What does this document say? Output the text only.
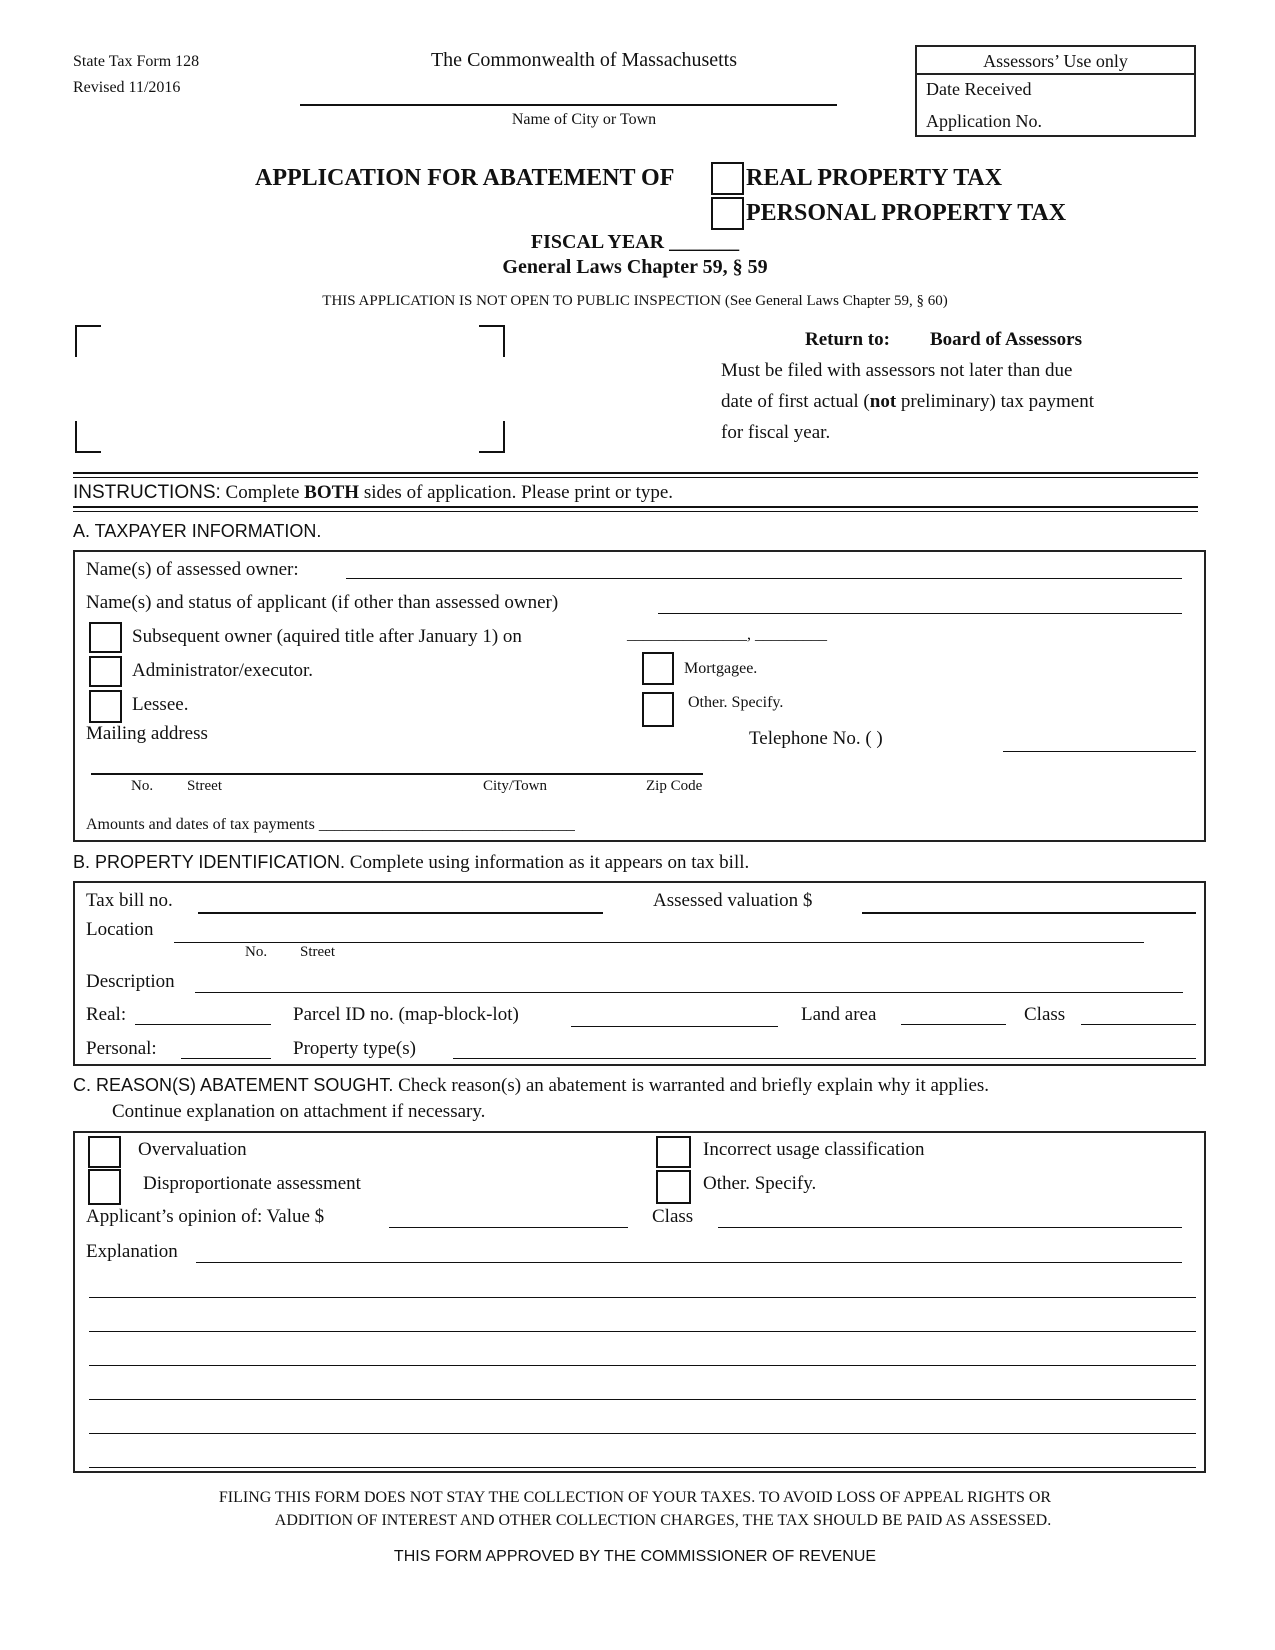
State Tax Form 128
Revised 11/2016
The Commonwealth of Massachusetts
Name of City or Town
Assessors’ Use only
Date Received
Application No.
APPLICATION FOR ABATEMENT OF	REAL PROPERTY TAX
PERSONAL PROPERTY TAX
FISCAL YEAR _______
General Laws Chapter 59, § 59
THIS APPLICATION IS NOT OPEN TO PUBLIC INSPECTION (See General Laws Chapter 59, § 60)
Return to: Board of Assessors
Must be filed with assessors not later than due
date of first actual (not preliminary) tax payment
for fiscal year.
INSTRUCTIONS: Complete BOTH sides of application. Please print or type.
A. TAXPAYER INFORMATION.
Name(s) of assessed owner:
Name(s) and status of applicant (if other than assessed owner)
Subsequent owner (aquired title after January 1) on	_______________, _________
Administrator/executor.
Lessee.
Mortgagee.
Other. Specify.
Mailing address	Telephone No. ( )
No. Street	City/Town	Zip Code
Amounts and dates of tax payments ________________________________
B. PROPERTY IDENTIFICATION. Complete using information as it appears on tax bill.
Tax bill no.	Assessed valuation $
Location
No. Street
Description
Real:	Parcel ID no. (map-block-lot)	Land area	Class
Personal:	Property type(s)
C. REASON(S) ABATEMENT SOUGHT. Check reason(s) an abatement is warranted and briefly explain why it applies.
Continue explanation on attachment if necessary.
Overvaluation
Disproportionate assessment
Incorrect usage classification
Other. Specify.
Applicant’s opinion of: Value $	Class
Explanation
FILING THIS FORM DOES NOT STAY THE COLLECTION OF YOUR TAXES. TO AVOID LOSS OF APPEAL RIGHTS OR
ADDITION OF INTEREST AND OTHER COLLECTION CHARGES, THE TAX SHOULD BE PAID AS ASSESSED.
THIS FORM APPROVED BY THE COMMISSIONER OF REVENUE
